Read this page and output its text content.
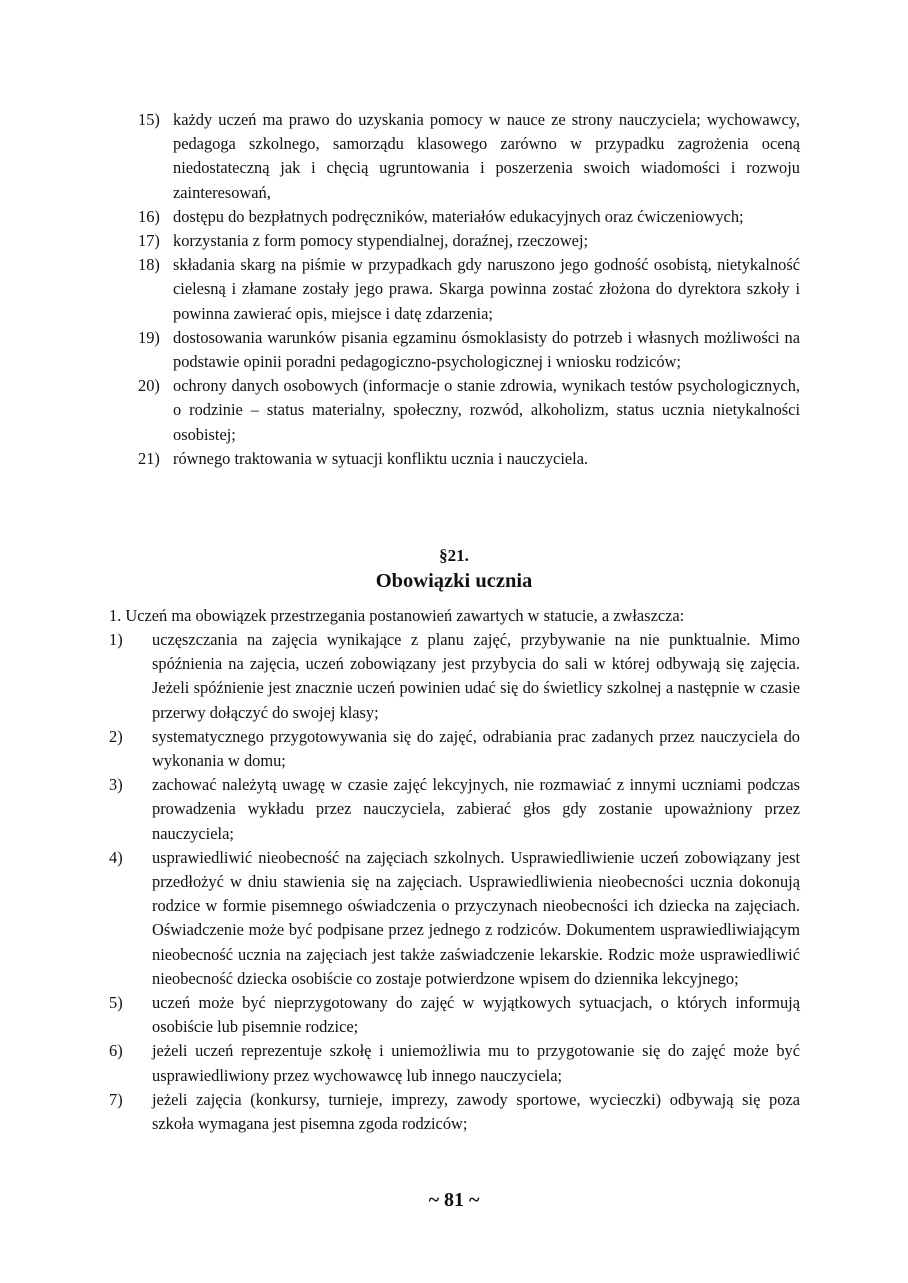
15) każdy uczeń ma prawo do uzyskania pomocy w nauce ze strony nauczyciela; wychowawcy, pedagoga szkolnego, samorządu klasowego zarówno w przypadku zagrożenia oceną niedostateczną jak i chęcią ugruntowania i poszerzenia swoich wiadomości i rozwoju zainteresowań,
16) dostępu do bezpłatnych podręczników, materiałów edukacyjnych oraz ćwiczeniowych;
17) korzystania z form pomocy stypendialnej, doraźnej, rzeczowej;
18) składania skarg na piśmie w przypadkach gdy naruszono jego godność osobistą, nietykalność cielesną i złamane zostały jego prawa. Skarga powinna zostać złożona do dyrektora szkoły i powinna zawierać opis, miejsce i datę zdarzenia;
19) dostosowania warunków pisania egzaminu ósmoklasisty do potrzeb i własnych możliwości na podstawie opinii poradni pedagogiczno-psychologicznej i wniosku rodziców;
20) ochrony danych osobowych (informacje o stanie zdrowia, wynikach testów psychologicznych, o rodzinie – status materialny, społeczny, rozwód, alkoholizm, status ucznia nietykalności osobistej;
21) równego traktowania w sytuacji konfliktu ucznia i nauczyciela.
§21.
Obowiązki ucznia
1. Uczeń ma obowiązek przestrzegania postanowień zawartych w statucie, a zwłaszcza:
1) uczęszczania na zajęcia wynikające z planu zajęć, przybywanie na nie punktualnie. Mimo spóźnienia na zajęcia, uczeń zobowiązany jest przybycia do sali w której odbywają się zajęcia. Jeżeli spóźnienie jest znacznie uczeń powinien udać się do świetlicy szkolnej a następnie w czasie przerwy dołączyć do swojej klasy;
2) systematycznego przygotowywania się do zajęć, odrabiania prac zadanych przez nauczyciela do wykonania w domu;
3) zachować należytą uwagę w czasie zajęć lekcyjnych, nie rozmawiać z innymi uczniami podczas prowadzenia wykładu przez nauczyciela, zabierać głos gdy zostanie upoważniony przez nauczyciela;
4) usprawiedliwić nieobecność na zajęciach szkolnych. Usprawiedliwienie uczeń zobowiązany jest przedłożyć w dniu stawienia się na zajęciach. Usprawiedliwienia nieobecności ucznia dokonują rodzice w formie pisemnego oświadczenia o przyczynach nieobecności ich dziecka na zajęciach. Oświadczenie może być podpisane przez jednego z rodziców. Dokumentem usprawiedliwiającym nieobecność ucznia na zajęciach jest także zaświadczenie lekarskie. Rodzic może usprawiedliwić nieobecność dziecka osobiście co zostaje potwierdzone wpisem do dziennika lekcyjnego;
5) uczeń może być nieprzygotowany do zajęć w wyjątkowych sytuacjach, o których informują osobiście lub pisemnie rodzice;
6) jeżeli uczeń reprezentuje szkołę i uniemożliwia mu to przygotowanie się do zajęć może być usprawiedliwiony przez wychowawcę lub innego nauczyciela;
7) jeżeli zajęcia (konkursy, turnieje, imprezy, zawody sportowe, wycieczki) odbywają się poza szkoła wymagana jest pisemna zgoda rodziców;
~ 81 ~
